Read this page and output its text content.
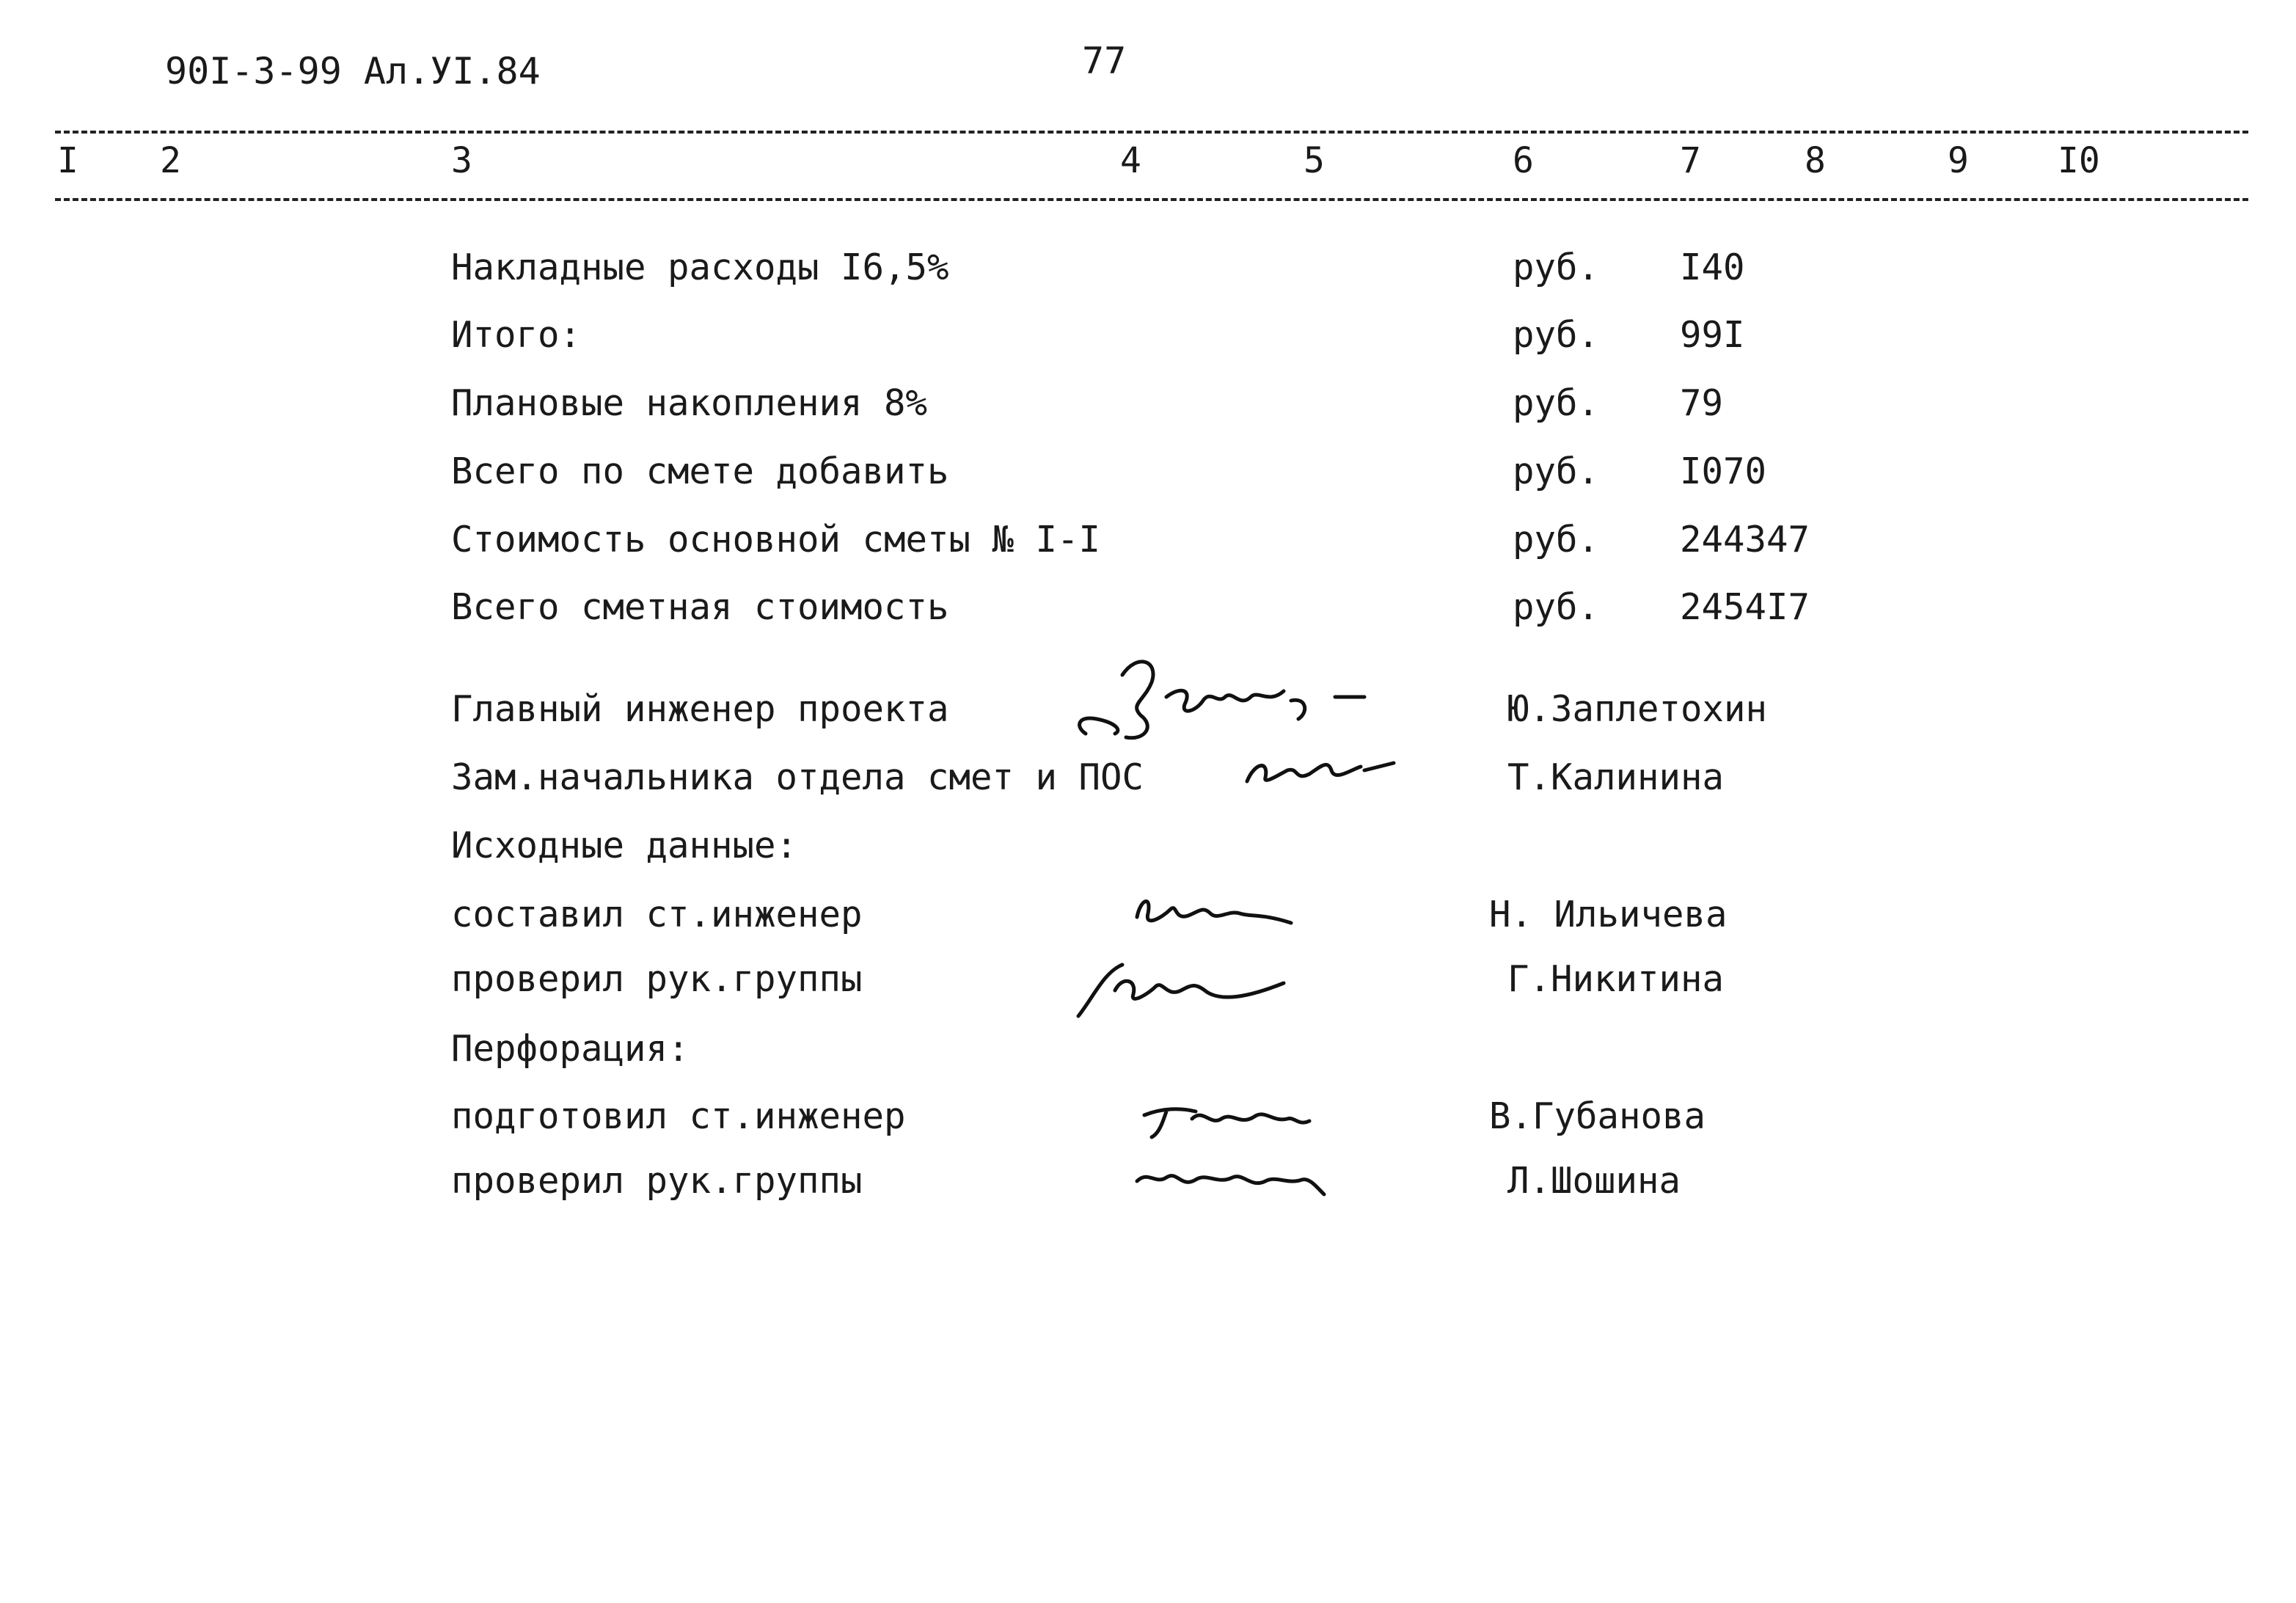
90I-3-99 Ал.УI.84	77
I 2	3	4	5	6	7	8	9	I0
Накладные расходы I6,5%	руб. I40
Итого:	руб. 99I
Плановые накопления 8%	руб. 79
Всего по смете добавить	руб. I070
Стоимость основной сметы № I-I	руб. 244347
Всего сметная стоимость	руб. 2454I7
Главный инженер проекта	Ю.Заплетохин
Зам.начальника отдела смет и ПОС	Т.Калинина
Исходные данные:
составил ст.инженер	Н. Ильичева
проверил рук.группы	Г.Никитина
Перфорация:
подготовил ст.инженер	В.Губанова
проверил рук.группы	Л.Шошина
